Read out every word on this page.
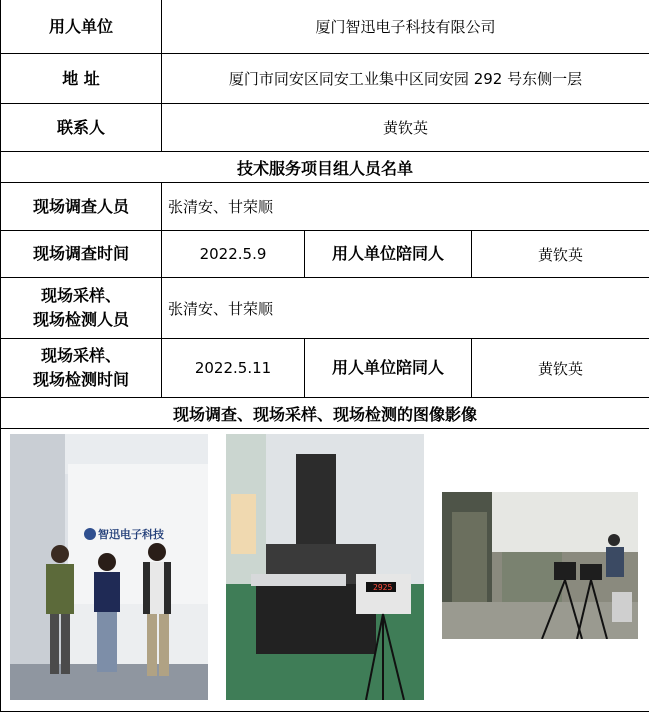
用人单位	厦门智迅电子科技有限公司		
地 址	厦门市同安区同安工业集中区同安园 292 号东侧一层		
联系人	黄钦英		
技术服务项目组人员名单			
现场调查人员	张清安、甘荣顺		
现场调查时间	2022.5.9	用人单位陪同人	黄钦英

现场采样、
现场检测人员	张清安、甘荣顺		

现场采样、
现场检测时间	2022.5.11	用人单位陪同人	黄钦英
现场调查、现场采样、现场检测的图像影像			

智迅电子科技
2925			
